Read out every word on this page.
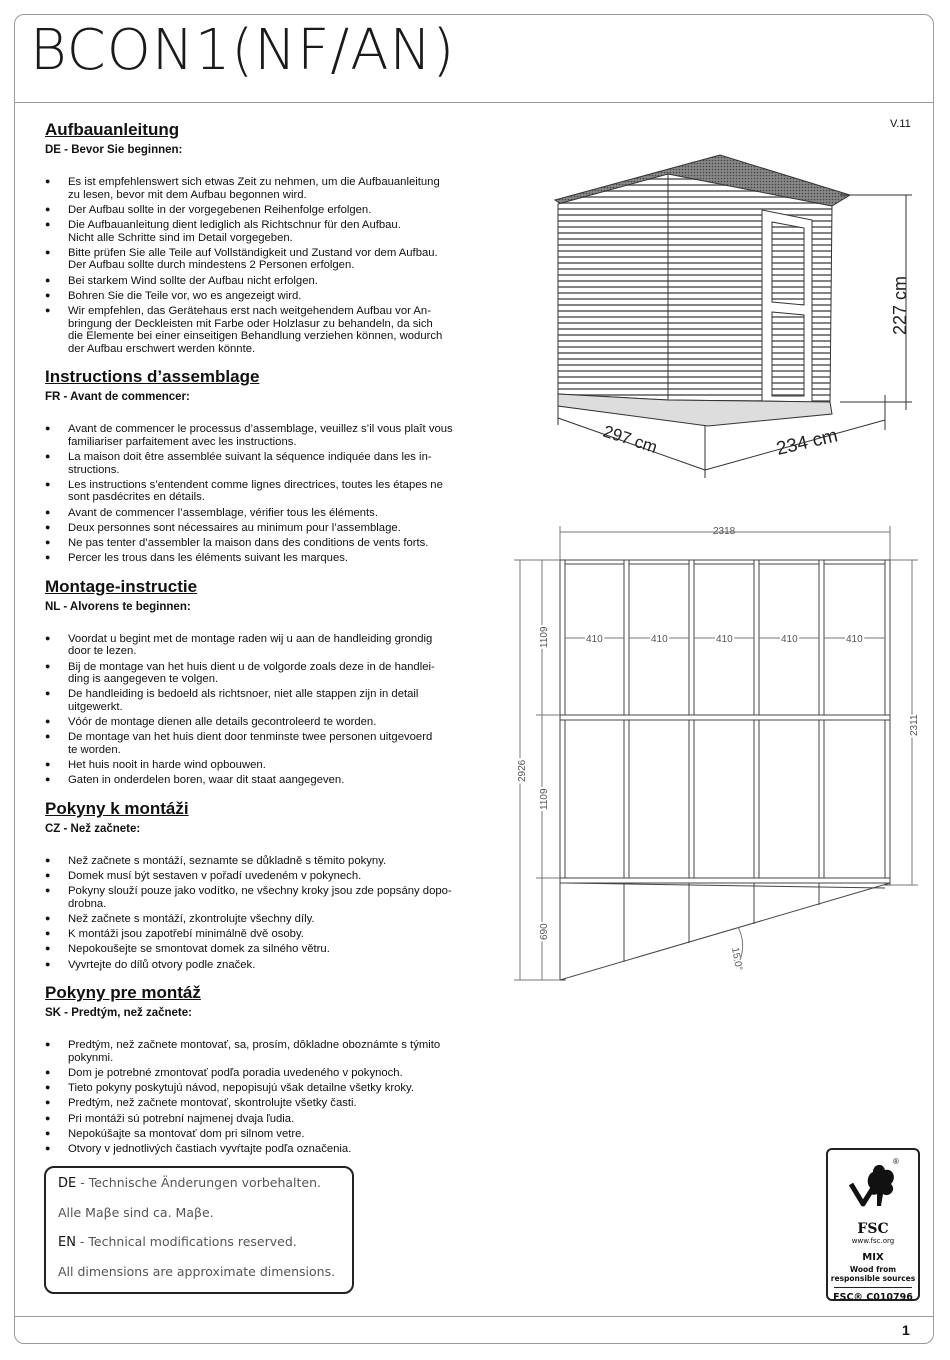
BCON1(NF/AN)
V.11
Aufbauanleitung
DE - Bevor Sie beginnen:
● Es ist empfehlenswert sich etwas Zeit zu nehmen, um die Aufbauanleitung
zu lesen, bevor mit dem Aufbau begonnen wird.
● Der Aufbau sollte in der vorgegebenen Reihenfolge erfolgen.
● Die Aufbauanleitung dient lediglich als Richtschnur für den Aufbau.
Nicht alle Schritte sind im Detail vorgegeben.
● Bitte prüfen Sie alle Teile auf Vollständigkeit und Zustand vor dem Aufbau.
Der Aufbau sollte durch mindestens 2 Personen erfolgen.
● Bei starkem Wind sollte der Aufbau nicht erfolgen.
● Bohren Sie die Teile vor, wo es angezeigt wird.
● Wir empfehlen, das Gerätehaus erst nach weitgehendem Aufbau vor An-
bringung der Deckleisten mit Farbe oder Holzlasur zu behandeln, da sich
die Elemente bei einer einseitigen Behandlung verziehen können, wodurch
der Aufbau erschwert werden könnte.
Instructions d’assemblage
FR - Avant de commencer:
● Avant de commencer le processus d’assemblage, veuillez s’il vous plaît vous
familiariser parfaitement avec les instructions.
● La maison doit être assemblée suivant la séquence indiquée dans les in-
structions.
● Les instructions s’entendent comme lignes directrices, toutes les étapes ne
sont pasdécrites en détails.
● Avant de commencer l’assemblage, vérifier tous les éléments.
● Deux personnes sont nécessaires au minimum pour l’assemblage.
● Ne pas tenter d’assembler la maison dans des conditions de vents forts.
● Percer les trous dans les éléments suivant les marques.
Montage-instructie
NL - Alvorens te beginnen:
● Voordat u begint met de montage raden wij u aan de handleiding grondig
door te lezen.
● Bij de montage van het huis dient u de volgorde zoals deze in de handlei-
ding is aangegeven te volgen.
● De handleiding is bedoeld als richtsnoer, niet alle stappen zijn in detail
uitgewerkt.
● Vóór de montage dienen alle details gecontroleerd te worden.
● De montage van het huis dient door tenminste twee personen uitgevoerd
te worden.
● Het huis nooit in harde wind opbouwen.
● Gaten in onderdelen boren, waar dit staat aangegeven.
Pokyny k montáži
CZ - Než začnete:
● Než začnete s montáží, seznamte se důkladně s těmito pokyny.
● Domek musí být sestaven v pořadí uvedeném v pokynech.
● Pokyny slouží pouze jako vodítko, ne všechny kroky jsou zde popsány dopo-
drobna.
● Než začnete s montáží, zkontrolujte všechny díly.
● K montáži jsou zapotřebí minimálně dvě osoby.
● Nepokoušejte se smontovat domek za silného větru.
● Vyvrtejte do dílů otvory podle značek.
Pokyny pre montáž
SK - Predtým, než začnete:
● Predtým, než začnete montovať, sa, prosím, dôkladne oboznámte s týmito
pokynmi.
● Dom je potrebné zmontovať podľa poradia uvedeného v pokynoch.
● Tieto pokyny poskytujú návod, nepopisujú však detailne všetky kroky.
● Predtým, než začnete montovať, skontrolujte všetky časti.
● Pri montáži sú potrební najmenej dvaja ľudia.
● Nepokúšajte sa montovať dom pri silnom vetre.
● Otvory v jednotlivých častiach vyvŕtajte podľa označenia.
227 cm
297 cm	234 cm
2318
410	410	410	410	410
1109
1109
2926
2311
690
15.0°

DE - Technische Änderungen vorbehalten.

Alle Maβe sind ca. Maβe.

EN - Technical modifications reserved.

All dimensions are approximate dimensions.

®
FSC
www.fsc.org
MIX
Wood from
responsible sources
FSC® C010796
1
